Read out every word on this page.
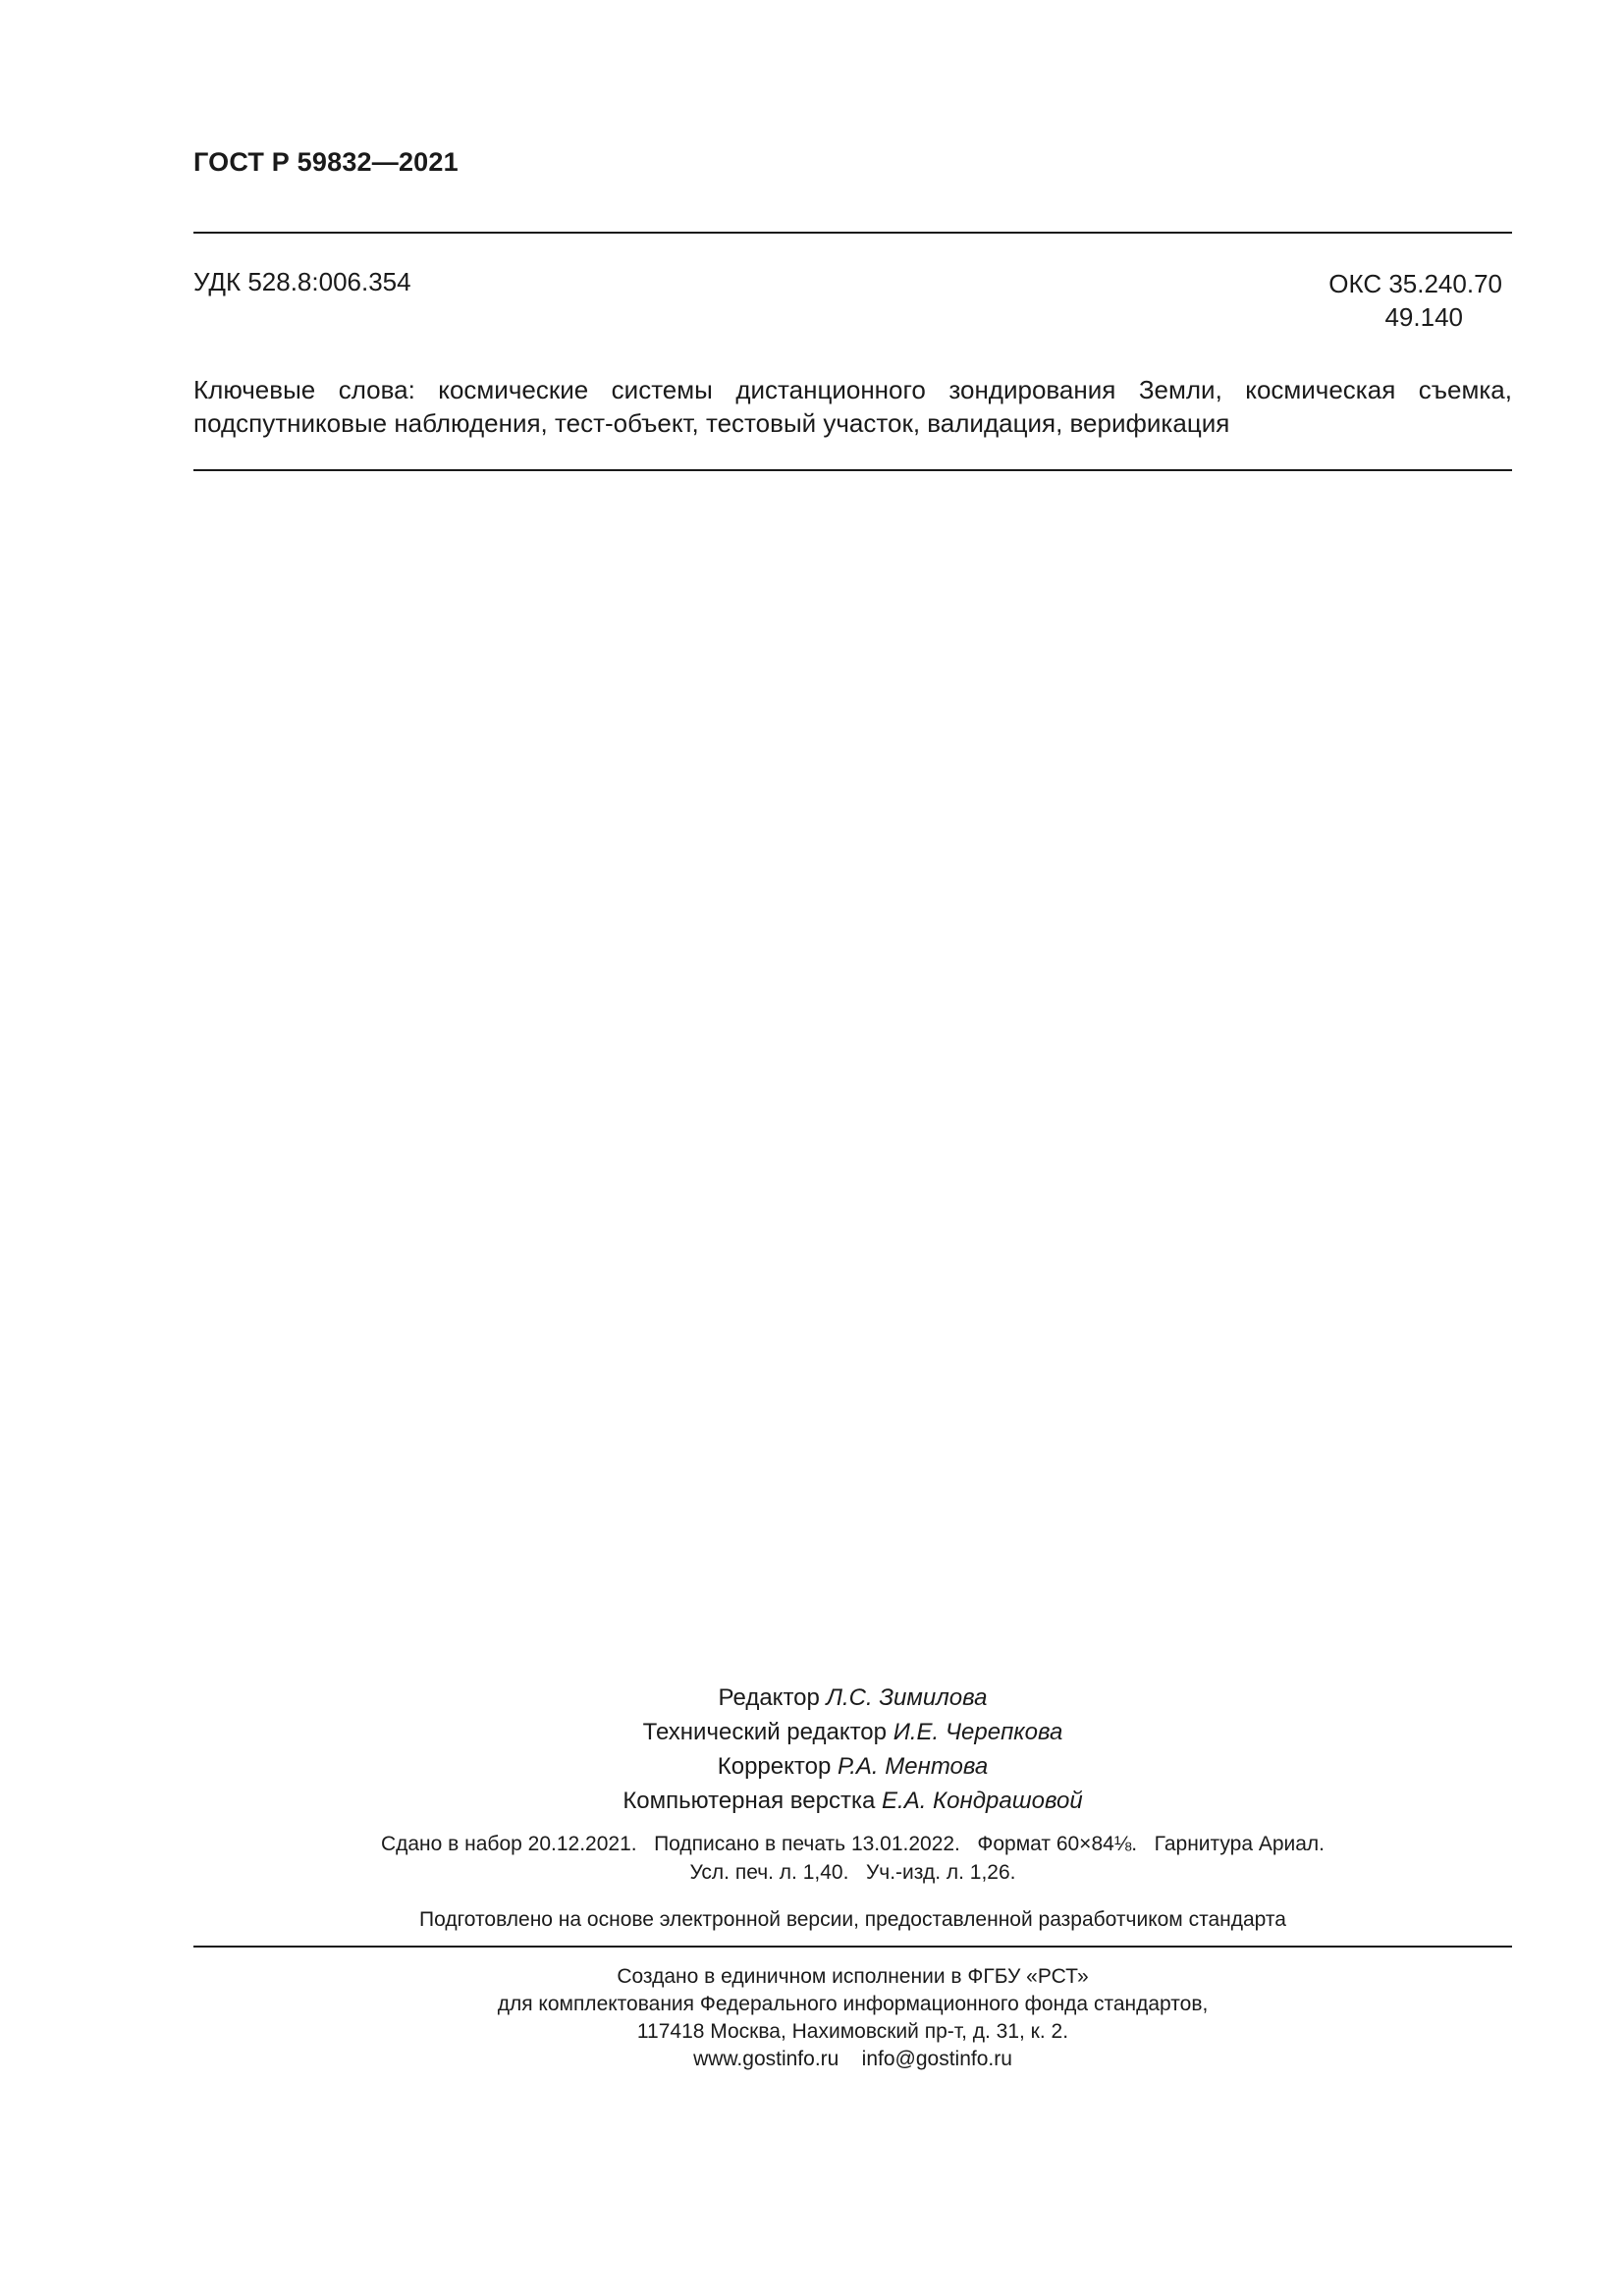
ГОСТ Р 59832—2021
УДК 528.8:006.354	ОКС 35.240.70
49.140
Ключевые слова: космические системы дистанционного зондирования Земли, космическая съемка, подспутниковые наблюдения, тест-объект, тестовый участок, валидация, верификация
Редактор Л.С. Зимилова
Технический редактор И.Е. Черепкова
Корректор Р.А. Ментова
Компьютерная верстка Е.А. Кондрашовой
Сдано в набор 20.12.2021.   Подписано в печать 13.01.2022.   Формат 60×84⅛.   Гарнитура Ариал.
Усл. печ. л. 1,40.   Уч.-изд. л. 1,26.
Подготовлено на основе электронной версии, предоставленной разработчиком стандарта
Создано в единичном исполнении в ФГБУ «РСТ»
для комплектования Федерального информационного фонда стандартов,
117418 Москва, Нахимовский пр-т, д. 31, к. 2.
www.gostinfo.ru    info@gostinfo.ru
